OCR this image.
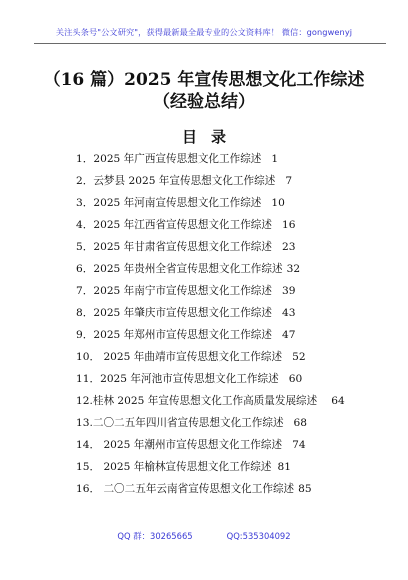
关注头条号"公文研究"，获得最新最全最专业的公文资料库！ 微信：gongwenyj
（16 篇）2025 年宣传思想文化工作综述
（经验总结）
目录
1．2025 年广西宣传思想文化工作综述 1
2．云梦县 2025 年宣传思想文化工作综述 7
3．2025 年河南宣传思想文化工作综述 10
4．2025 年江西省宣传思想文化工作综述 16
5．2025 年甘肃省宣传思想文化工作综述 23
6．2025 年贵州全省宣传思想文化工作综述 32
7．2025 年南宁市宣传思想文化工作综述 39
8．2025 年肇庆市宣传思想文化工作综述 43
9．2025 年郑州市宣传思想文化工作综述 47
10． 2025 年曲靖市宣传思想文化工作综述 52
11．2025 年河池市宣传思想文化工作综述 60
12.桂林 2025 年宣传思想文化工作高质量发展综述 64
13.二〇二五年四川省宣传思想文化工作综述 68
14． 2025 年潮州市宣传思想文化工作综述 74
15． 2025 年榆林宣传思想文化工作综述 81
16． 二〇二五年云南省宣传思想文化工作综述 85
QQ 群：30265665	QQ:535304092
